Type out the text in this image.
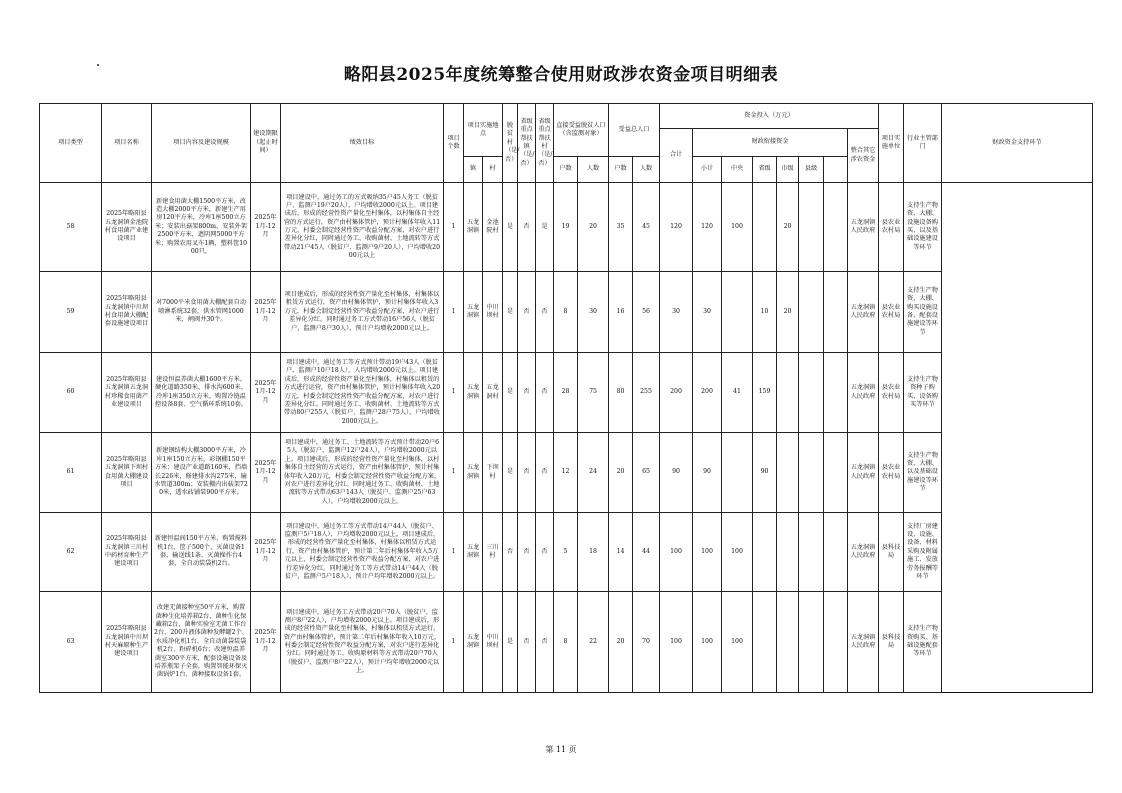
略阳县2025年度统筹整合使用财政涉农资金项目明细表
项目类型	项目名称	项目内容及建设规模	建设期限（起止时间）	绩效目标	项目个数	项目实施地点		脱贫村（是/否）	省级重点帮扶镇（是/否）	省级重点帮扶村（是/否）	直接受益脱贫人口（含监测对象）		受益总人口		资金投入（万元）								项目实施单位	行业主管部门	财政资金支持环节
															合计	财政衔接资金						整合其它涉农资金			
						镇	村				户数	人数	户数	人数		小计	中央	省级	市级	县级					
58	2025年略阳县五龙洞镇金池院村食用菌产业建设项目	新建食用菌大棚1500平方米，改造大棚2000平方米，新建生产用房120平方米，冷库1座500立方米；安装出菇架800m，安装外架2500平方米，遮阴网5000平方米；购置农用叉车1辆，塑料筐1000只。	2025年1月-12月	项目建设中，通过务工的方式吸纳35户45人务工（脱贫户、监测户19户20人），户均增收2000元以上。项目建成后，形成的经营性资产量化至村集体，以村集体自主经营的方式运行，资产由村集体管护，预计村集体年收入11万元，村委会制定经营性资产收益分配方案，对农户进行差异化分红，同时通过务工、收购菌材、土地流转等方式带动21户45人（脱贫户、监测户9户20人），户均增收2000元以上	1	五龙洞镇	金池院村	是	否	是	19	20	35	45	120	120	100		20			五龙洞镇人民政府	县农业农村局	支持生产物资、大棚、设施设备购买，以及基础设施建设等环节	
59	2025年略阳县五龙洞镇中川坝村食用菌大棚配套设施建设项目	对7000平米食用菌大棚配套自动喷淋系统32套，供水管网1000米，闸阀井30个。	2025年1月-12月	项目建成后，形成的经营性资产量化至村集体，村集体以租赁方式运行，资产由村集体管护，预计村集体年收入3万元，村委会制定经营性资产收益分配方案，对农户进行差异化分红。同时通过务工方式带动16户56人（脱贫户、监测户8户30人），预计户均增收2000元以上。	1	五龙洞镇	中川坝村	是	否	否	8	30	16	56	30	30		10	20			五龙洞镇人民政府	县农业农村局	支持生产物资、大棚、购买设施设备、配套设施建设等环节	
60	2025年略阳县五龙洞镇五龙洞村珍稀食用菌产业建设项目	建设恒温养菌大棚1600平方米、硬化道路350米、排水沟600米、冷库1座350立方米，购置冷链温控设备8套、空气循环系统10套。	2025年1月-12月	项目建成中，通过务工等方式预计带动19户43人（脱贫户、监测户10户18人），人均增收2000元以上。项目建成后，形成的经营性资产量化至村集体，村集体以租赁的方式进行运营，资产由村集体管护，预计村集体年收入20万元，村委会制定经营性资产收益分配方案，对农户进行差异化分红。同时通过务工、收购菌材、土地流转等方式带动80户255人（脱贫户、监测户28户75人），户均增收2000元以上。	1	五龙洞镇	五龙洞村	是	否	否	28	75	80	255	200	200	41	159				五龙洞镇人民政府	县农业农村局	支持生产物资种子购买、设备购买等环节	
61	2025年略阳县五龙洞镇下坝村食用菌大棚建设项目	新建钢结构大棚3000平方米，冷库1座150立方米，彩钢棚150平方米；建设产业道路160米，挡墙长226米，修建排水沟275米，输水管道300m；安装棚内出菇架720米，透水砖铺装900平方米。	2025年1月-12月	项目建成中，通过务工、土地流转等方式预计带动20户65人（脱贫户、监测户12户24人），户均增收2000元以上。项目建成后，形成的经营性资产量化至村集体，以村集体自主经营的方式运行，资产由村集体管护，预计村集体年收入20万元，村委会制定经营性资产收益分配方案，对农户进行差异化分红。同时通过务工、收购菌材、土地流转等方式带动63户143人（脱贫户、监测户25户63人），户均增收2000元以上。	1	五龙洞镇	下坝村	是	否	否	12	24	20	65	90	90		90				五龙洞镇人民政府	县农业农村局	支持生产物资、大棚、以及基础设施建设等环节	
62	2025年略阳县五龙洞镇三川村中药材育种生产建设项目	新建恒温间150平方米，购置搅料机1台、筐子500个、灭菌设备1套、输送线1条、灭菌操作台4套、全自动装袋机2台。	2025年1月-12月	项目建设中，通过务工等方式带动14户44人（脱贫户、监测户5户18人），户均增收2000元以上。项目建成后，形成的经营性资产量化至村集体，村集体以租赁方式运行，资产由村集体管护，预计第二年后村集体年收入5万元以上，村委会制定经营性资产收益分配方案，对农户进行差异化分红。同时通过务工等方式带动14户44人（脱贫户、监测户5户18人），预计户均年增收2000元以上。	1	五龙洞镇	三川村	否	否	否	5	18	14	44	100	100	100					五龙洞镇人民政府	县科技局	支持厂房建设、设施、设备、材料采购及附属施工、发放劳务报酬等环节	
63	2025年略阳县五龙洞镇中川坝村天麻原种生产建设项目	改建无菌接种室50平方米，购置菌种生化培养箱2台、菌种生化保藏箱2台、菌种实验室无菌工作台2台、200升液体菌种发酵罐2个、水质净化机1台、全自动菌袋装袋机2台、粉碎机6台；改建恒温养菌室300平方米，配套设施设备及培养瓶架子全套，购置智能环保灭菌锅炉1台、菌种接取设备1套。	2025年1月-12月	项目建成中，通过务工方式带动20户70人（脱贫户、监测户8户22人），户均增收2000元以上。项目建成后，形成的经营性资产量化至村集体，村集体以租赁方式运行，资产由村集体管护，预计第二年后村集体年收入10万元，村委会制定经营性资产收益分配方案，对农户进行差异化分红。同时通过务工、收购原材料等方式带动20户70人（脱贫户、监测户8户22人），预计户均年增收2000元以上。	1	五龙洞镇	中川坝村	是	否	否	8	22	20	70	100	100	100					五龙洞镇人民政府	县科技局	支持生产物资购买、基础设施配套等环节	
第 11 页
